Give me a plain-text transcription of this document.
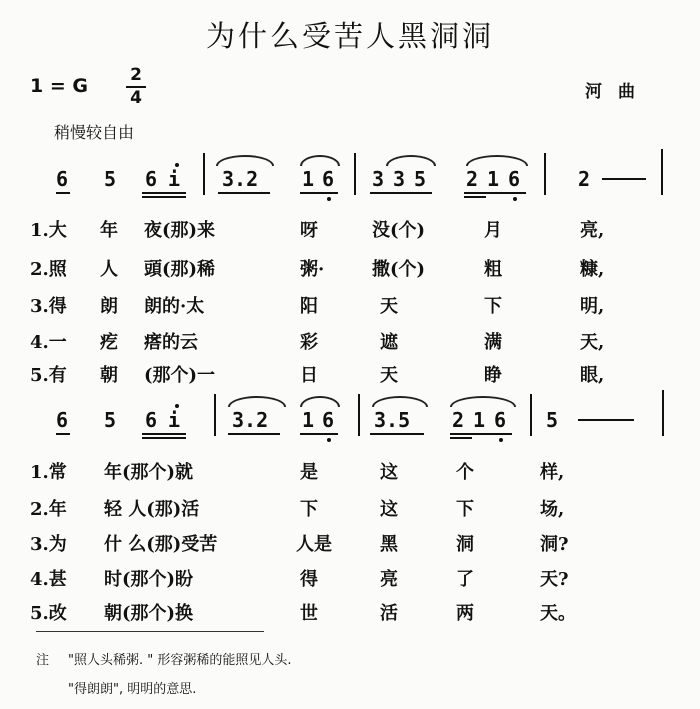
为什么受苦人黑洞洞
1 = G 2
4	河曲
稍慢较自由
6 5 6 i 3.2 1 6 3 3 5 2 1 6	2
1.大 年 夜(那)来	呀	没(个)	月	亮,
2.照 人 頭(那)稀	粥·	撒(个)	粗	糠,
3.得 朗 朗的·太	阳	天	下	明,
4.一 疙 瘩的云	彩	遮	满	天,
5.有 朝 (那个)一	日	天	睁	眼,
6 5 6 i	3.2 1 6 3.5 2 1 6 5
1.常 年(那个)就	是	这	个	样,
2.年 轻 人(那)活	下	这	下	场,
3.为 什 么(那)受苦	人是	黑	洞	洞?
4.甚 时(那个)盼	得	亮	了	天?
5.改 朝(那个)换	世	活	两	天。
注 "照人头稀粥. " 形容粥稀的能照见人头.
"得朗朗", 明明的意思.
